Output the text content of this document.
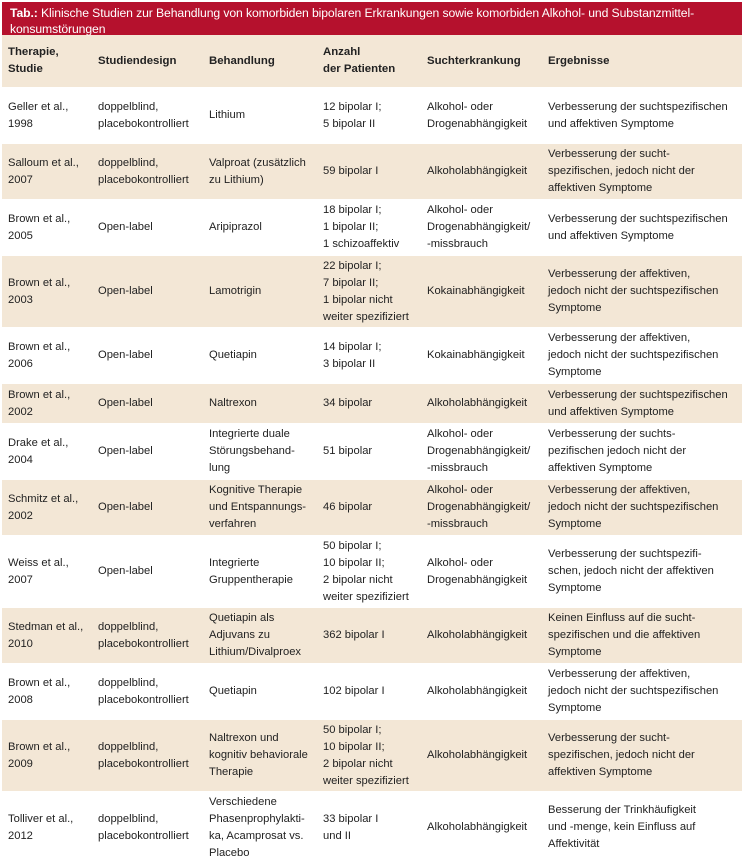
Tab.: Klinische Studien zur Behandlung von komorbiden bipolaren Erkrankungen sowie komorbiden Alkohol- und Substanzmittel-
konsumstörungen
Therapie,
Studie	Studiendesign	Behandlung	Anzahl
der Patienten	Suchterkrankung	Ergebnisse
Geller et al.,
1998	doppelblind,
placebokontrolliert	Lithium	12 bipolar I;
5 bipolar II	Alkohol- oder
Drogenabhängigkeit	Verbesserung der suchtspezifischen
und affektiven Symptome
Salloum et al.,
2007	doppelblind,
placebokontrolliert	Valproat (zusätzlich
zu Lithium)	59 bipolar I	Alkoholabhängigkeit	Verbesserung der sucht-
spezifischen, jedoch nicht der
affektiven Symptome
Brown et al.,
2005	Open-label	Aripiprazol	18 bipolar I;
1 bipolar II;
1 schizoaffektiv	Alkohol- oder
Drogenabhängigkeit/
-missbrauch	Verbesserung der suchtspezifischen
und affektiven Symptome
Brown et al.,
2003	Open-label	Lamotrigin	22 bipolar I;
7 bipolar II;
1 bipolar nicht
weiter spezifiziert	Kokainabhängigkeit	Verbesserung der affektiven,
jedoch nicht der suchtspezifischen
Symptome
Brown et al.,
2006	Open-label	Quetiapin	14 bipolar I;
3 bipolar II	Kokainabhängigkeit	Verbesserung der affektiven,
jedoch nicht der suchtspezifischen
Symptome
Brown et al.,
2002	Open-label	Naltrexon	34 bipolar	Alkoholabhängigkeit	Verbesserung der suchtspezifischen
und affektiven Symptome
Drake et al.,
2004	Open-label	Integrierte duale
Störungsbehand-
lung	51 bipolar	Alkohol- oder
Drogenabhängigkeit/
-missbrauch	Verbesserung der suchts-
pezifischen jedoch nicht der
affektiven Symptome
Schmitz et al.,
2002	Open-label	Kognitive Therapie
und Entspannungs-
verfahren	46 bipolar	Alkohol- oder
Drogenabhängigkeit/
-missbrauch	Verbesserung der affektiven,
jedoch nicht der suchtspezifischen
Symptome
Weiss et al.,
2007	Open-label	Integrierte
Gruppentherapie	50 bipolar I;
10 bipolar II;
2 bipolar nicht
weiter spezifiziert	Alkohol- oder
Drogenabhängigkeit	Verbesserung der suchtspezifi-
schen, jedoch nicht der affektiven
Symptome
Stedman et al.,
2010	doppelblind,
placebokontrolliert	Quetiapin als
Adjuvans zu
Lithium/Divalproex	362 bipolar I	Alkoholabhängigkeit	Keinen Einfluss auf die sucht-
spezifischen und die affektiven
Symptome
Brown et al.,
2008	doppelblind,
placebokontrolliert	Quetiapin	102 bipolar I	Alkoholabhängigkeit	Verbesserung der affektiven,
jedoch nicht der suchtspezifischen
Symptome
Brown et al.,
2009	doppelblind,
placebokontrolliert	Naltrexon und
kognitiv behaviorale
Therapie	50 bipolar I;
10 bipolar II;
2 bipolar nicht
weiter spezifiziert	Alkoholabhängigkeit	Verbesserung der sucht-
spezifischen, jedoch nicht der
affektiven Symptome
Tolliver et al.,
2012	doppelblind,
placebokontrolliert	Verschiedene
Phasenprophylakti-
ka, Acamprosat vs.
Placebo	33 bipolar I
und II	Alkoholabhängigkeit	Besserung der Trinkhäufigkeit
und -menge, kein Einfluss auf
Affektivität
